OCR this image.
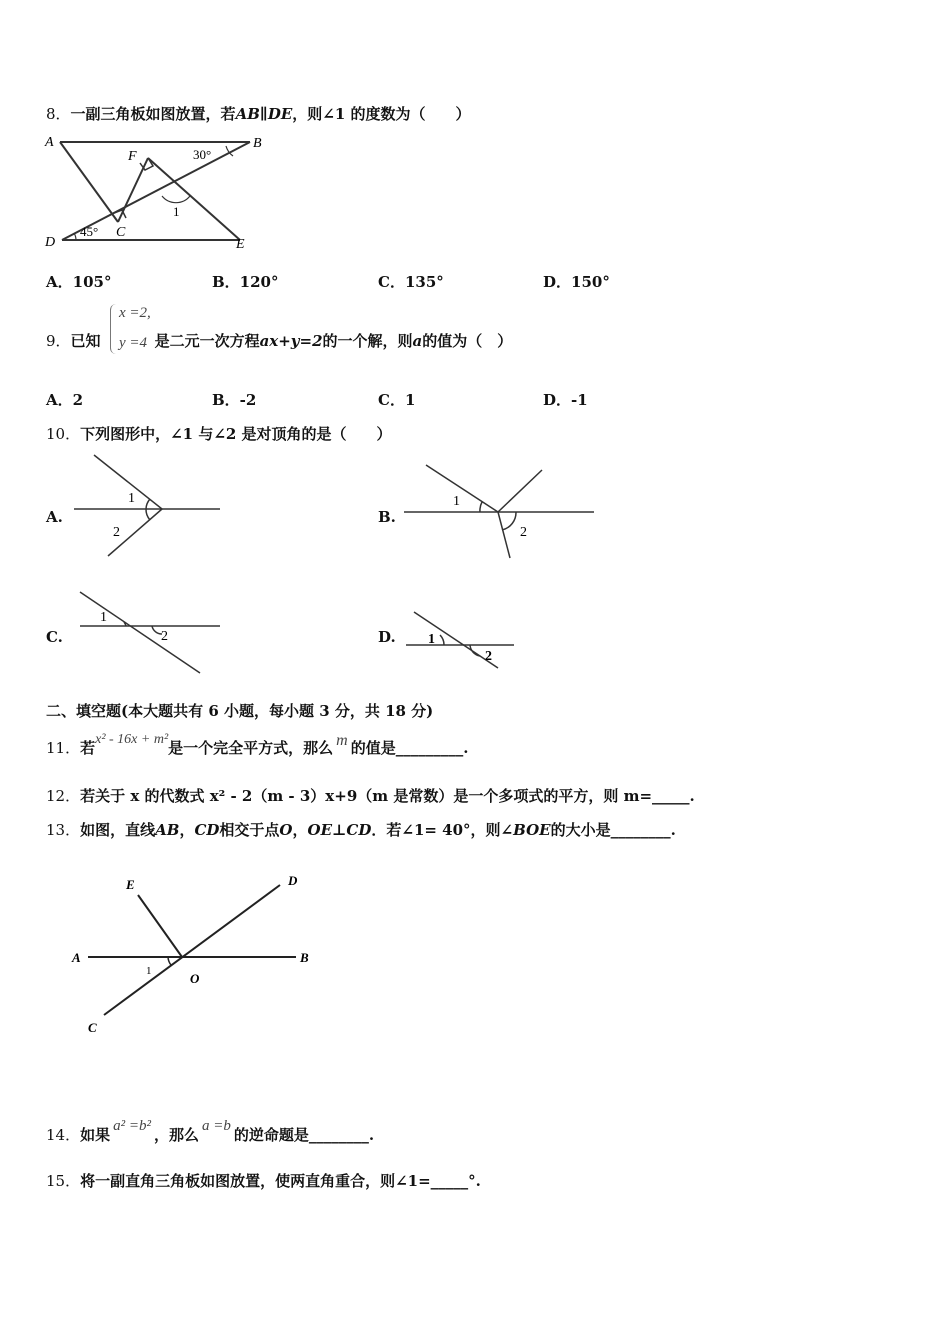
8．一副三角板如图放置，若AB∥DE，则∠1 的度数为（　　）
A	B
D	E
F
C
30°
45°
1
A．105°	B．120°	C．135°	D．150°
x =2,
y =4
9．已知	是二元一次方程ax+y=2的一个解，则a的值为（　）
A．2	B．-2	C．1	D．-1
10．下列图形中，∠1 与∠2 是对顶角的是（　　）
A.
1
2
B.
1
2
C.
1
2	D. 1
2
二、填空题(本大题共有 6 小题，每小题 3 分，共 18 分)
11．若x² - 16x + m²是一个完全平方式，那么 m 的值是_________.
12．若关于 x 的代数式 x² - 2（m - 3）x+9（m 是常数）是一个多项式的平方，则 m=_____.
13．如图，直线AB，CD相交于点O，OE⊥CD．若∠1= 40°，则∠BOE的大小是________.
A	B
C
D
E
O
1
14．如果 a² =b² ，那么 a =b 的逆命题是________.
15．将一副直角三角板如图放置，使两直角重合，则∠1=_____°.
